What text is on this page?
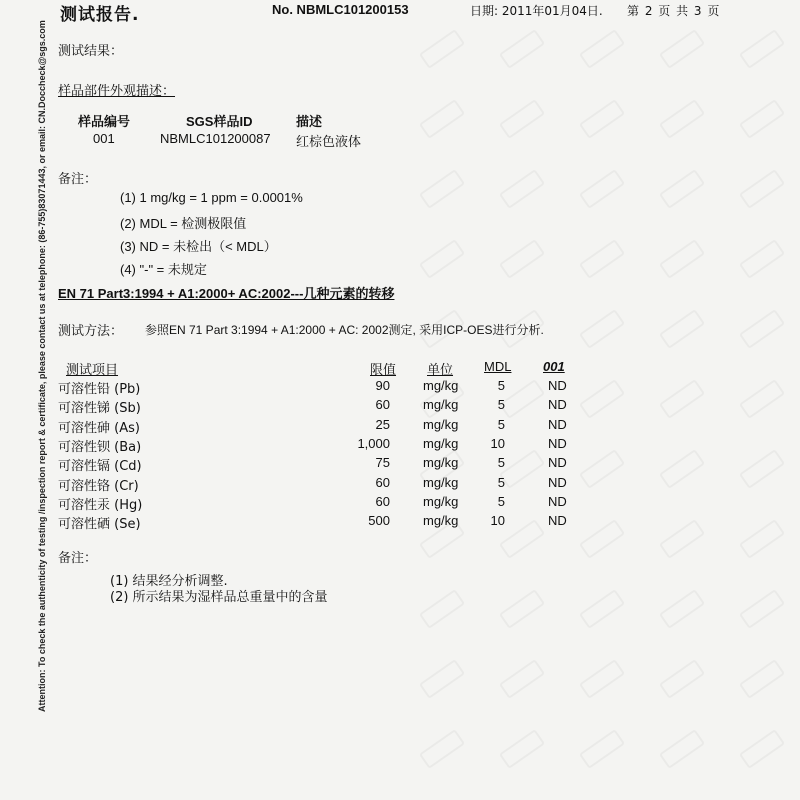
测试报告.	No. NBMLC101200153	日期: 2011年01月04日. 第 2 页 共 3 页
Attention: To check the authenticity of testing /inspection report & certificate, please contact us at telephone: (86-755)83071443, or email: CN.Doccheck@sgs.com 测试结果：
样品部件外观描述：
样品编号	SGS样品ID	描述
001	NBMLC101200087 红棕色液体
备注：
(1) 1 mg/kg = 1 ppm = 0.0001%
(2) MDL = 检测极限值
(3) ND = 未检出（< MDL）
(4) "-" = 未规定
EN 71 Part3:1994 + A1:2000+ AC:2002---几种元素的转移
测试方法： 参照EN 71 Part 3:1994 + A1:2000 + AC: 2002测定, 采用ICP-OES进行分析.
测试项目	限值 单位 MDL 001
可溶性铅 (Pb)	90	mg/kg	5	ND
可溶性锑 (Sb)	60	mg/kg	5	ND
可溶性砷 (As)	25	mg/kg	5	ND
可溶性钡 (Ba)	1,000	mg/kg 10	ND
可溶性镉 (Cd)	75	mg/kg	5	ND
可溶性铬 (Cr)	60	mg/kg	5	ND
可溶性汞 (Hg)	60	mg/kg	5	ND
可溶性硒 (Se)	500	mg/kg 10	ND
备注：
(1) 结果经分析调整.
(2) 所示结果为湿样品总重量中的含量
